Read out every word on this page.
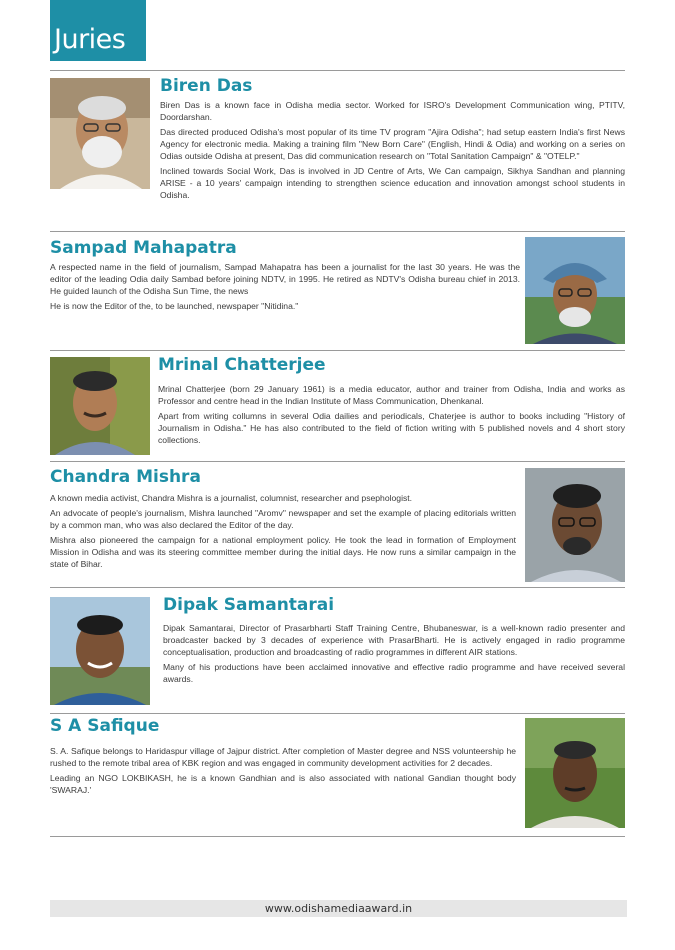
Juries
Biren Das

Biren Das is a known face in Odisha media sector. Worked for ISRO's Development Communication wing, PTITV, Doordarshan.

Das directed produced Odisha's most popular of its time TV program "Ajira Odisha"; had setup eastern India's first News Agency for electronic media. Making a training film "New Born Care" (English, Hindi & Odia) and working on a series on Odias outside Odisha at present, Das did communication research on "Total Sanitation Campaign" & "OTELP."

Inclined towards Social Work, Das is involved in JD Centre of Arts, We Can campaign, Sikhya Sandhan and planning ARISE - a 10 years' campaign intending to strengthen science education and innovation amongst school students in Odisha.

Sampad Mahapatra

A respected name in the field of journalism, Sampad Mahapatra has been a journalist for the last 30 years. He was the editor of the leading Odia daily Sambad before joining NDTV, in 1995. He retired as NDTV's Odisha bureau chief in 2013. He guided launch of the Odisha Sun Time, the news

He is now the Editor of the, to be launched, newspaper "Nitidina."

Mrinal Chatterjee

Mrinal Chatterjee (born 29 January 1961) is a media educator, author and trainer from Odisha, India and works as Professor and centre head in the Indian Institute of Mass Communication, Dhenkanal.

Apart from writing collumns in several Odia dailies and periodicals, Chaterjee is author to books including "History of Journalism in Odisha." He has also contributed to the field of fiction writing with 5 published novels and 4 short story collections.

Chandra Mishra

A known media activist, Chandra Mishra is a journalist, columnist, researcher and psephologist.

An advocate of people's journalism, Mishra launched "Aromv" newspaper and set the example of placing editorials written by a common man, who was also declared the Editor of the day.

Mishra also pioneered the campaign for a national employment policy. He took the lead in formation of Employment Mission in Odisha and was its steering committee member during the initial days. He now runs a similar campaign in the state of Bihar.

Dipak Samantarai

Dipak Samantarai, Director of Prasarbharti Staff Training Centre, Bhubaneswar, is a well-known radio presenter and broadcaster backed by 3 decades of experience with PrasarBharti. He is actively engaged in radio programme conceptualisation, production and broadcasting of radio programmes in different AIR stations.

Many of his productions have been acclaimed innovative and effective radio programme and have received several awards.

S A Safique

S. A. Safique belongs to Haridaspur village of Jajpur district. After completion of Master degree and NSS volunteership he rushed to the remote tribal area of KBK region and was engaged in community development activities for 2 decades.

Leading an NGO LOKBIKASH, he is a known Gandhian and is also associated with national Gandian thought body 'SWARAJ.'

www.odishamediaaward.in
